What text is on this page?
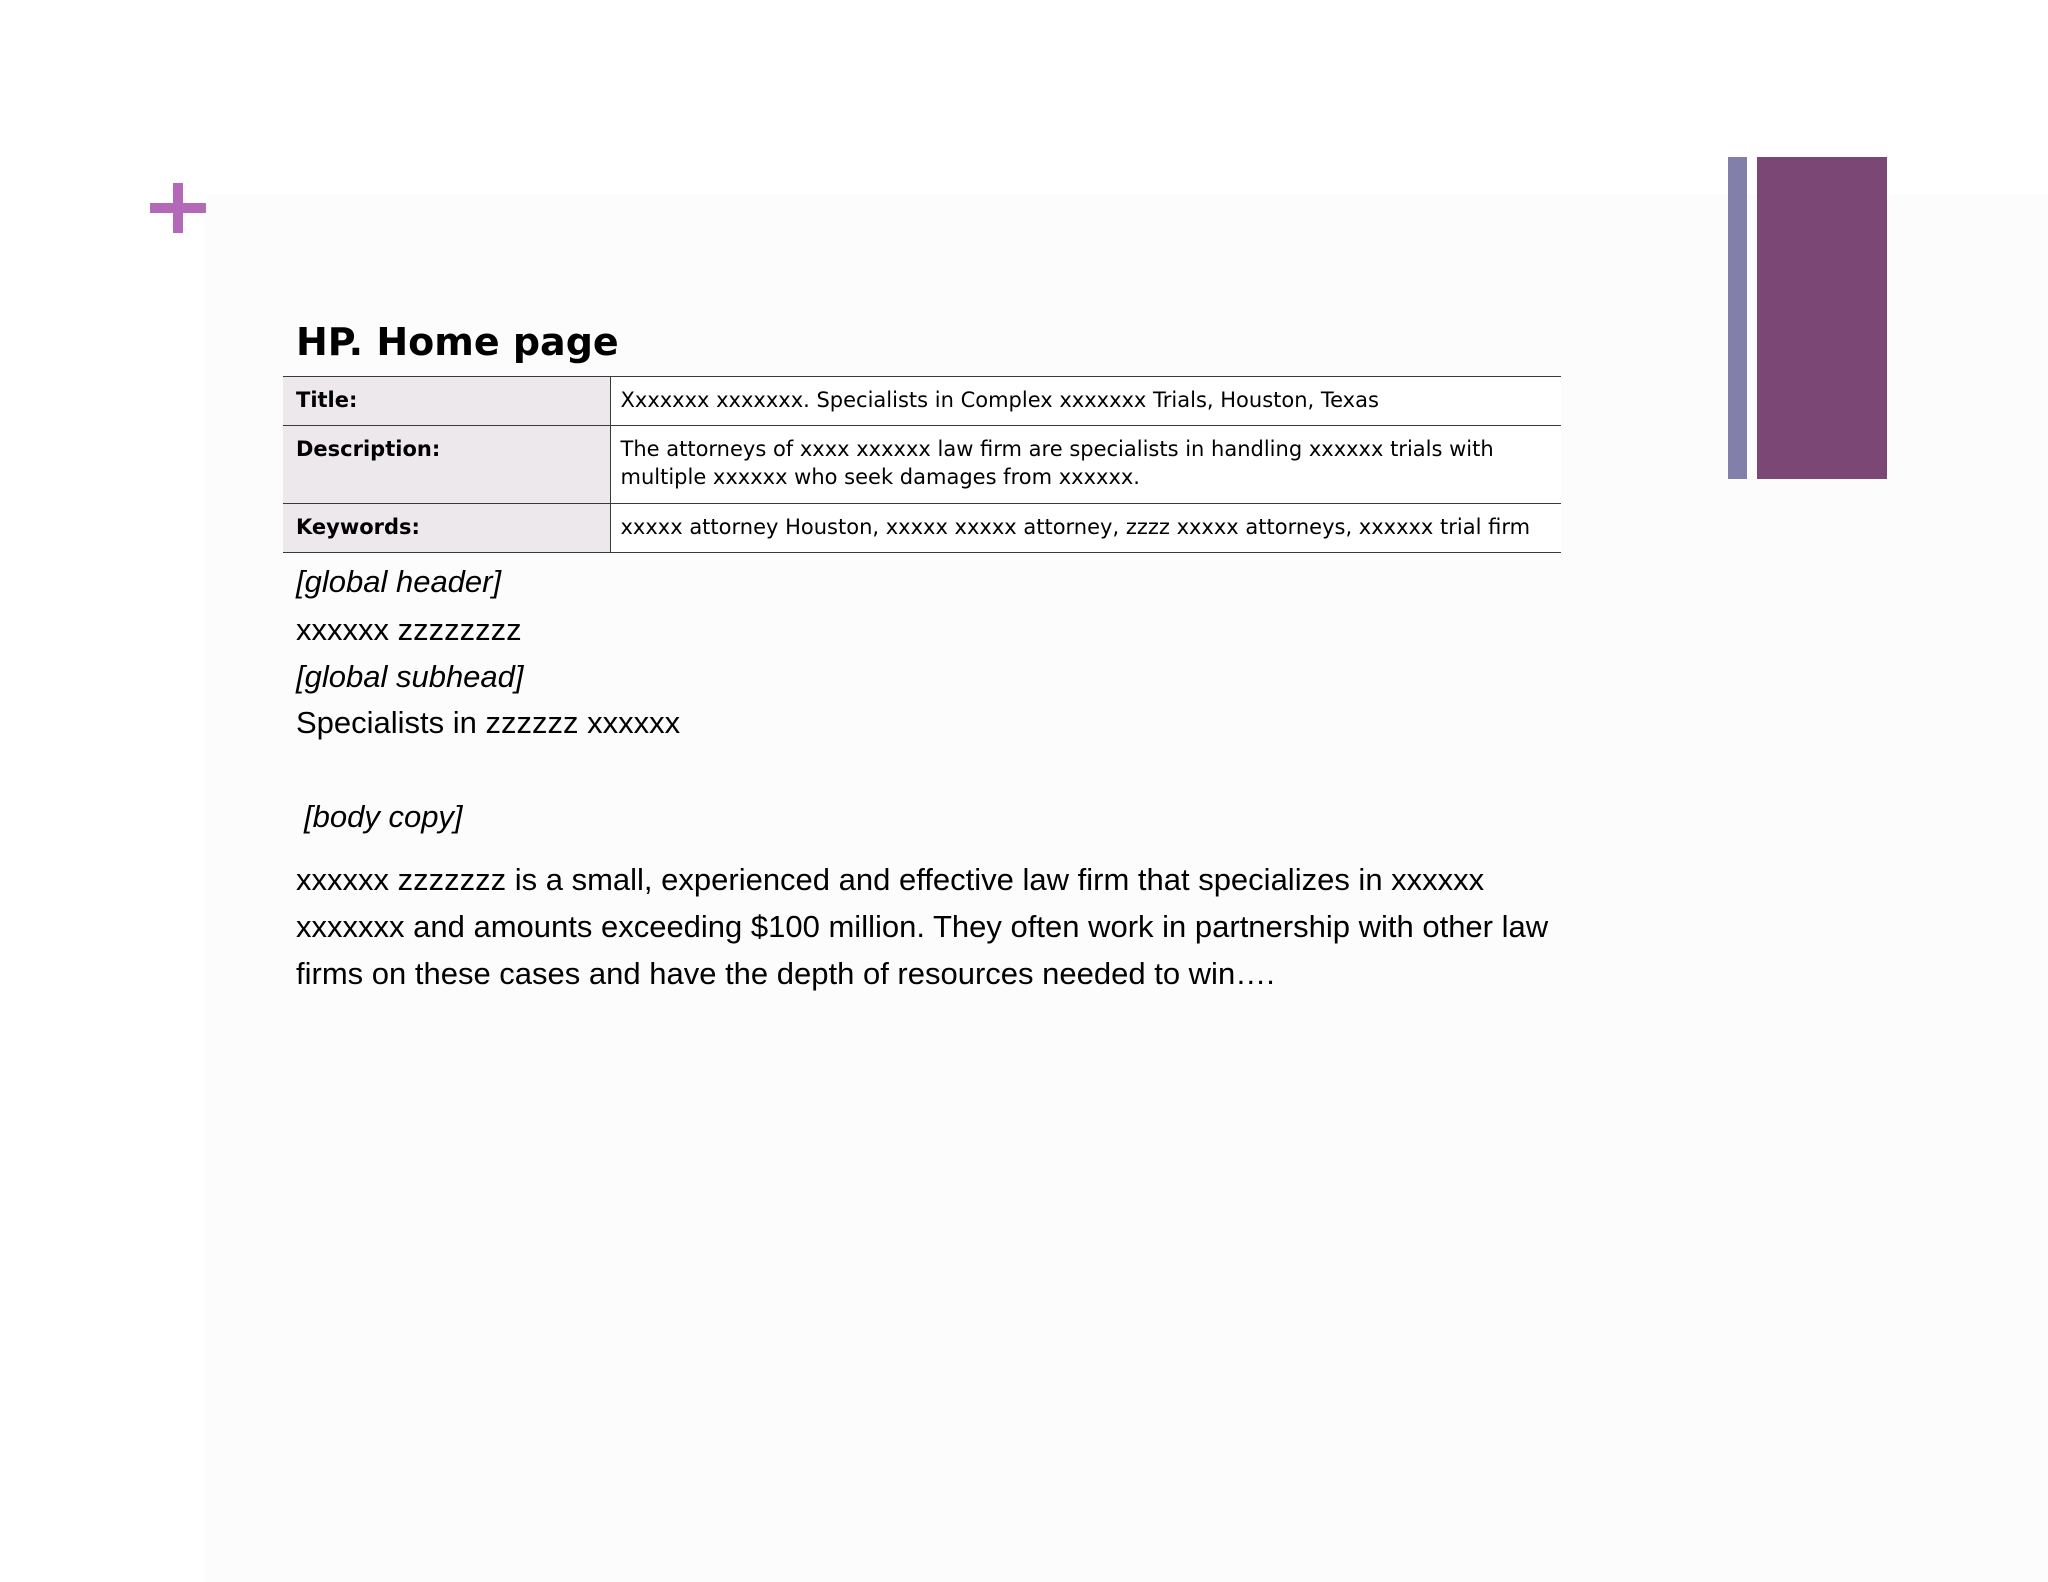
HP. Home page
Title:	Xxxxxxx xxxxxxx. Specialists in Complex xxxxxxx Trials, Houston, Texas
Description:	The attorneys of xxxx xxxxxx law firm are specialists in handling xxxxxx trials with multiple xxxxxx who seek damages from xxxxxx.
Keywords:	xxxxx attorney Houston, xxxxx xxxxx attorney, zzzz xxxxx attorneys, xxxxxx trial firm

[global header]

xxxxxx zzzzzzzz

[global subhead]

Specialists in zzzzzz xxxxxx

[body copy]

xxxxxx zzzzzzz is a small, experienced and effective law firm that specializes in xxxxxx xxxxxxx and amounts exceeding $100 million. They often work in partnership with other law firms on these cases and have the depth of resources needed to win….
